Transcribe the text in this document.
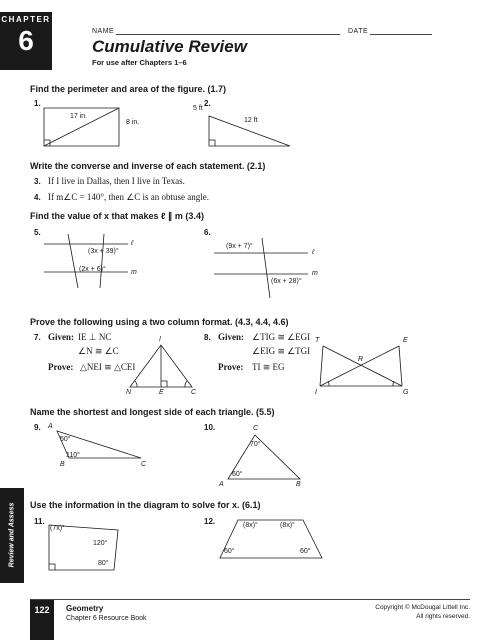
CHAPTER
6	NAME	DATE
Cumulative Review
For use after Chapters 1–6
Find the perimeter and area of the figure. (1.7)
1.
17 in.
8 in.
2.
5 ft
12 ft
Write the converse and inverse of each statement. (2.1)
3. If I live in Dallas, then I live in Texas.
4. If m∠C = 140°, then ∠C is an obtuse angle.
Find the value of x that makes ℓ ∥ m (3.4)
5.
(3x + 39)°
(2x + 6)°
ℓ
m
6.
(9x + 7)°
(6x + 28)°
ℓ
m
Prove the following using a two column format. (4.3, 4.4, 4.6)
7. Given: IE ⊥ NC
∠N ≅ ∠C
Prove: △NEI ≅ △CEI
I
N	E	C
8. Given: ∠TIG ≅ ∠EGI
∠EIG ≅ ∠TGI
Prove: TI ≅ EG
T	E
R
I	G
Name the shortest and longest side of each triangle. (5.5)
9. A
B	C
50°
110°
10.	C
A	B
70°
60°
Use the information in the diagram to solve for x. (6.1)
11.
(7x)°
120°
80°
12.	(8x)°	(8x)°
60°	60°
Review and Assess
122	Geometry
Chapter 6 Resource Book
Copyright © McDougal Littell Inc.
All rights reserved.
